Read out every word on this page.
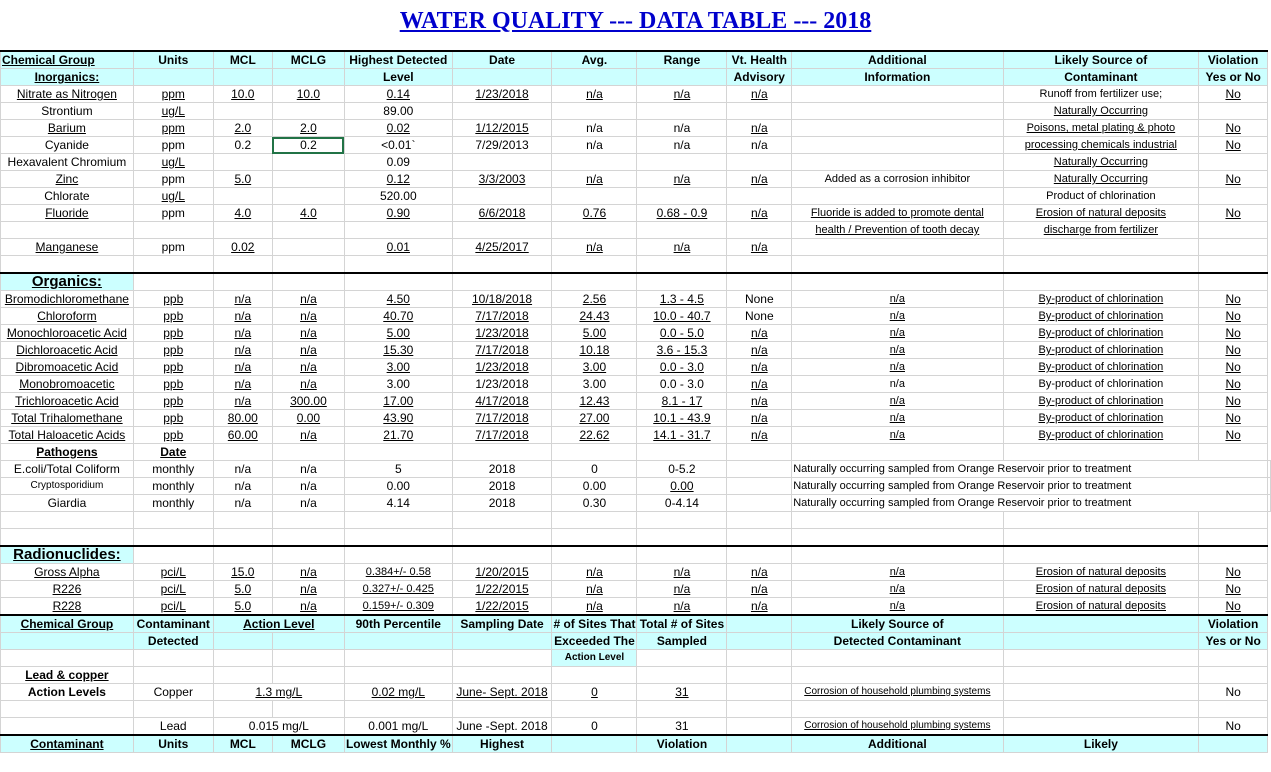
WATER QUALITY --- DATA TABLE --- 2018
Chemical Group	Units	MCL	MCLG	Highest Detected	Date	Avg.	Range	Vt. Health	Additional	Likely Source of	Violation	
Inorganics:				Level				Advisory	Information	Contaminant	Yes or No	
Nitrate as Nitrogen	ppm	10.0	10.0	0.14	1/23/2018	n/a	n/a	n/a		Runoff from fertilizer use;	No	
Strontium	ug/L			89.00						Naturally Occurring		
Barium	ppm	2.0	2.0	0.02	1/12/2015	n/a	n/a	n/a		Poisons, metal plating & photo	No	
Cyanide	ppm	0.2	0.2	<0.01`	7/29/2013	n/a	n/a	n/a		processing chemicals industrial	No	
Hexavalent Chromium	ug/L			0.09						Naturally Occurring		
Zinc	ppm	5.0		0.12	3/3/2003	n/a	n/a	n/a	Added as a corrosion inhibitor	Naturally Occurring	No	
Chlorate	ug/L			520.00						Product of chlorination		
Fluoride	ppm	4.0	4.0	0.90	6/6/2018	0.76	0.68 - 0.9	n/a	Fluoride is added to promote dental	Erosion of natural deposits	No	
									health / Prevention of tooth decay	discharge from fertilizer		
Manganese	ppm	0.02		0.01	4/25/2017	n/a	n/a	n/a				

Organics:												
Bromodichloromethane	ppb	n/a	n/a	4.50	10/18/2018	2.56	1.3 - 4.5	None	n/a	By-product of chlorination	No	
Chloroform	ppb	n/a	n/a	40.70	7/17/2018	24.43	10.0 - 40.7	None	n/a	By-product of chlorination	No	
Monochloroacetic Acid	ppb	n/a	n/a	5.00	1/23/2018	5.00	0.0 - 5.0	n/a	n/a	By-product of chlorination	No	
Dichloroacetic Acid	ppb	n/a	n/a	15.30	7/17/2018	10.18	3.6 - 15.3	n/a	n/a	By-product of chlorination	No	
Dibromoacetic Acid	ppb	n/a	n/a	3.00	1/23/2018	3.00	0.0 - 3.0	n/a	n/a	By-product of chlorination	No	
Monobromoacetic	ppb	n/a	n/a	3.00	1/23/2018	3.00	0.0 - 3.0	n/a	n/a	By-product of chlorination	No	
Trichloroacetic Acid	ppb	n/a	300.00	17.00	4/17/2018	12.43	8.1 - 17	n/a	n/a	By-product of chlorination	No	
Total Trihalomethane	ppb	80.00	0.00	43.90	7/17/2018	27.00	10.1 - 43.9	n/a	n/a	By-product of chlorination	No	
Total Haloacetic Acids	ppb	60.00	n/a	21.70	7/17/2018	22.62	14.1 - 31.7	n/a	n/a	By-product of chlorination	No	
Pathogens	Date											
E.coli/Total Coliform	monthly	n/a	n/a	5	2018	0	0-5.2		Naturally occurring sampled from Orange Reservoir prior to treatment			
Cryptosporidium	monthly	n/a	n/a	0.00	2018	0.00	0.00		Naturally occurring sampled from Orange Reservoir prior to treatment			
Giardia	monthly	n/a	n/a	4.14	2018	0.30	0-4.14		Naturally occurring sampled from Orange Reservoir prior to treatment			

Radionuclides:												
Gross Alpha	pci/L	15.0	n/a	0.384+/- 0.58	1/20/2015	n/a	n/a	n/a	n/a	Erosion of natural deposits	No	
R226	pci/L	5.0	n/a	0.327+/- 0.425	1/22/2015	n/a	n/a	n/a	n/a	Erosion of natural deposits	No	
R228	pci/L	5.0	n/a	0.159+/- 0.309	1/22/2015	n/a	n/a	n/a	n/a	Erosion of natural deposits	No	
Chemical Group	Contaminant	Action Level		90th Percentile	Sampling Date	# of Sites That	Total # of Sites		Likely Source of		Violation	
	Detected					Exceeded The	Sampled		Detected Contaminant		Yes or No	
						Action Level						
Lead & copper												
Action Levels	Copper	1.3 mg/L		0.02 mg/L	June- Sept. 2018	0	31		Corrosion of household plumbing systems		No	

	Lead	0.015 mg/L		0.001 mg/L	June -Sept. 2018	0	31		Corrosion of household plumbing systems		No	
Contaminant	Units	MCL	MCLG	Lowest Monthly %	Highest		Violation		Additional	Likely		
